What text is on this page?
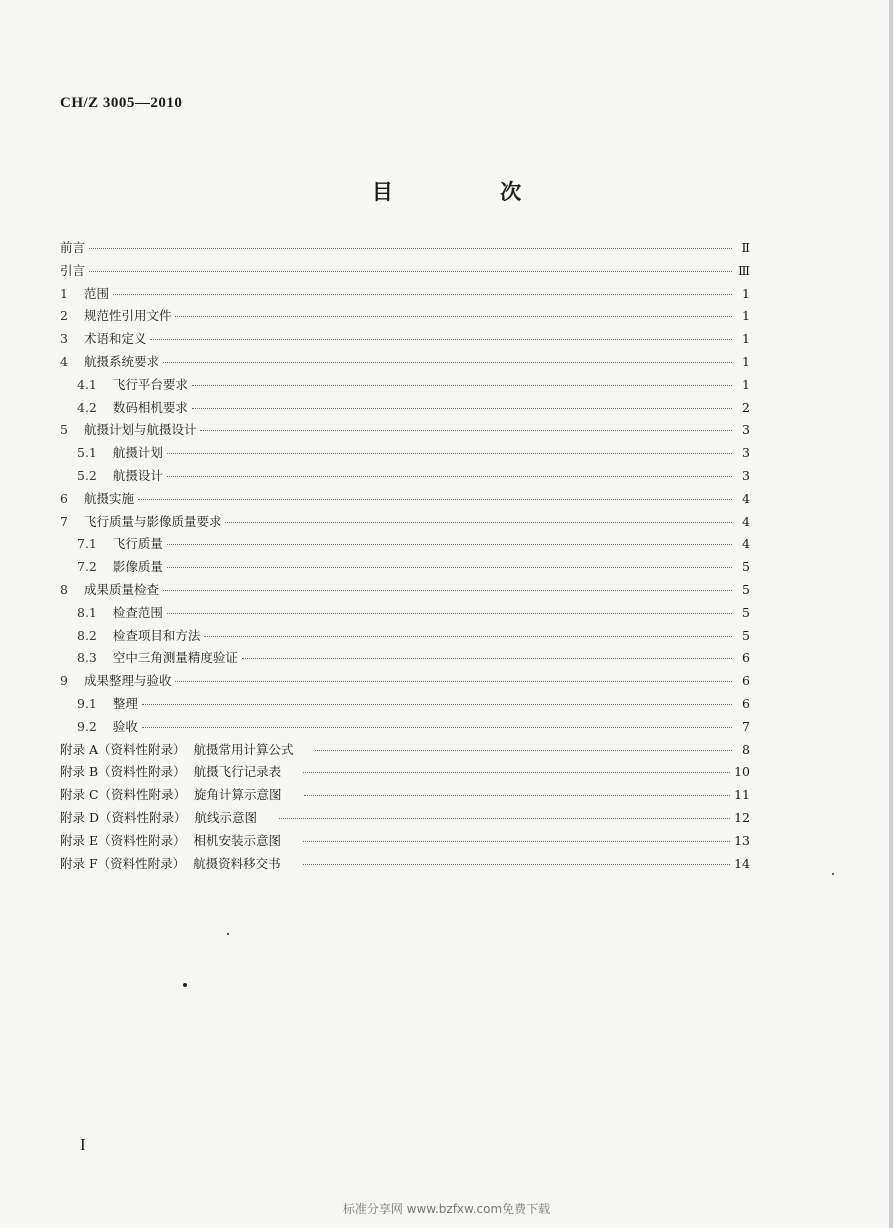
CH/Z 3005—2010
目 次
前言	Ⅱ
引言	Ⅲ
1 范围	1
2 规范性引用文件	1
3 术语和定义	1
4 航摄系统要求	1
4.1 飞行平台要求	1
4.2 数码相机要求	2
5 航摄计划与航摄设计	3
5.1 航摄计划	3
5.2 航摄设计	3
6 航摄实施	4
7 飞行质量与影像质量要求	4
7.1 飞行质量	4
7.2 影像质量	5
8 成果质量检查	5
8.1 检查范围	5
8.2 检查项目和方法	5
8.3 空中三角测量精度验证	6
9 成果整理与验收	6
9.1 整理	6
9.2 验收	7
附录 A（资料性附录）  航摄常用计算公式	8
附录 B（资料性附录）  航摄飞行记录表	10
附录 C（资料性附录）  旋角计算示意图	11
附录 D（资料性附录）  航线示意图	12
附录 E（资料性附录）  相机安装示意图	13
附录 F（资料性附录）  航摄资料移交书	14
I
标准分享网 www.bzfxw.com免费下载
